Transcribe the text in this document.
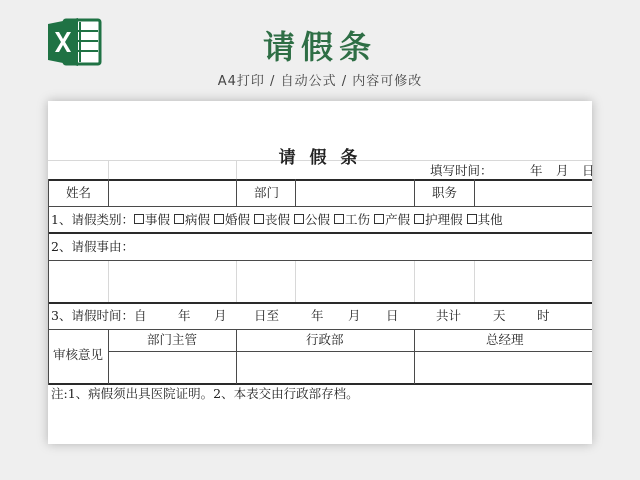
请假条
A4打印 / 自动公式 / 内容可修改
请 假 条
填写时间：	年 月 日
姓名	部门	职务
1、请假类别： 事假 病假 婚假 丧假 公假 工伤 产假 护理假 其他
2、请假事由：
3、请假时间：自	年 月 日至	年 月 日	共计	天	时
审核意见
部门主管	行政部	总经理
注:1、病假须出具医院证明。2、本表交由行政部存档。
